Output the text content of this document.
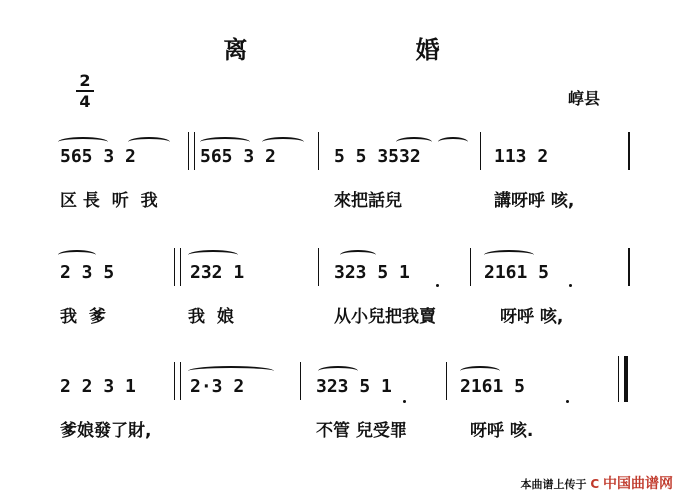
离 婚
崞县
2
4
565 3 2	565 3 2	5 5 3532	113 2
区 長  听  我	來把話兒	講呀呼 咳,
2 3 5	232 1	323 5 1	2161 5
我  爹	我  娘	从小兒把我賣	呀呼 咳,
2 2 3 1	2·3 2	323 5 1	2161 5
爹娘發了財,	不管 兒受罪	呀呼 咳.
本曲谱上传于 C 中国曲谱网
